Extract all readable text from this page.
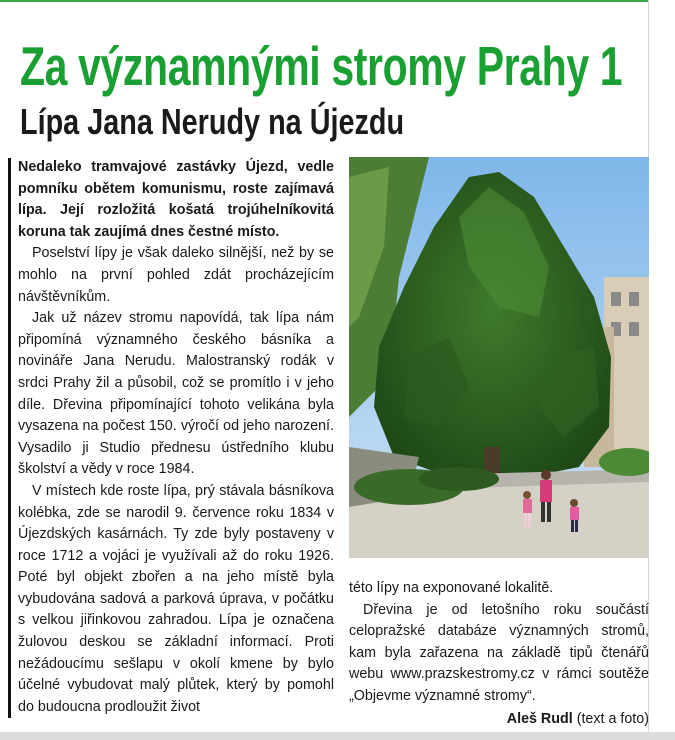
Za významnými stromy Prahy 1
Lípa Jana Nerudy na Újezdu

Nedaleko tramvajové zastávky Újezd, vedle pomníku obětem komunismu, roste zajímavá lípa. Její rozložitá košatá trojúhelníkovitá koruna tak zaujímá dnes čestné místo.

Poselství lípy je však daleko silnější, než by se mohlo na první pohled zdát procházejícím návštěvníkům.

Jak už název stromu napovídá, tak lípa nám připomíná významného českého básníka a novináře Jana Nerudu. Malostranský rodák v srdci Prahy žil a působil, což se promítlo i v jeho díle. Dřevina připomínající tohoto velikána byla vysazena na počest 150. výročí od jeho narození. Vysadilo ji Studio přednesu ústředního klubu školství a vědy v roce 1984.

V místech kde roste lípa, prý stávala básníkova kolébka, zde se narodil 9. července roku 1834 v Újezdských kasárnách. Ty zde byly postaveny v roce 1712 a vojáci je využívali až do roku 1926. Poté byl objekt zbořen a na jeho místě byla vybudována sadová a parková úprava, v počátku s velkou jiřinkovou zahradou. Lípa je označena žulovou deskou se základní informací. Proti nežádoucímu sešlapu v okolí kmene by bylo účelné vybudovat malý plůtek, který by pomohl do budoucna prodloužit život

této lípy na exponované lokalitě.

Dřevina je od letošního roku součástí celopražské databáze významných stromů, kam byla zařazena na základě tipů čtenářů webu www.prazskestromy.cz v rámci soutěže „Objevme významné stromy“.

Aleš Rudl (text a foto)
